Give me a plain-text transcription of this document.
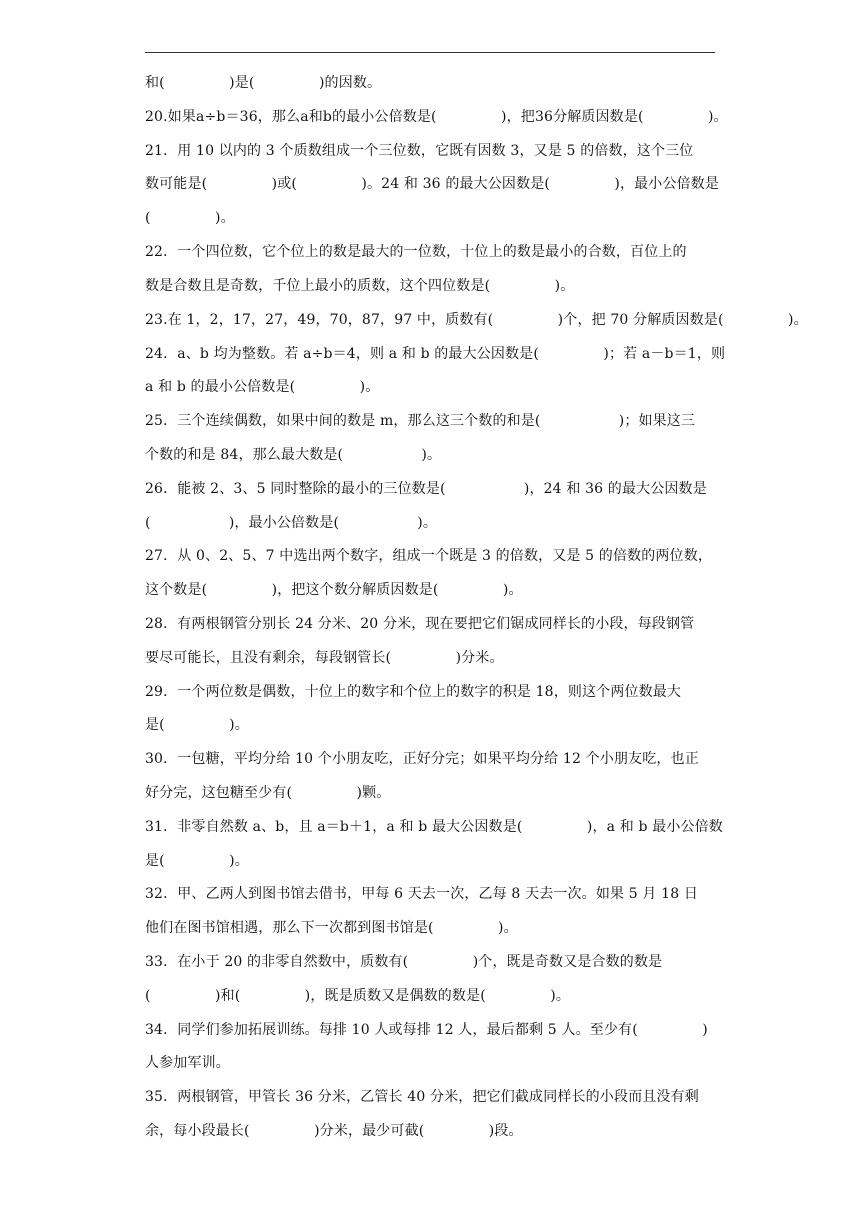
和(              )是(              )的因数。
20.如果a÷b＝36，那么a和b的最小公倍数是(              )，把36分解质因数是(              )。
21．用 10 以内的 3 个质数组成一个三位数，它既有因数 3，又是 5 的倍数，这个三位
数可能是(              )或(              )。24 和 36 的最大公因数是(              )，最小公倍数是
(              )。
22．一个四位数，它个位上的数是最大的一位数，十位上的数是最小的合数，百位上的
数是合数且是奇数，千位上最小的质数，这个四位数是(              )。
23.在 1，2，17，27，49，70，87，97 中，质数有(              )个，把 70 分解质因数是(              )。
24．a、b 均为整数。若 a÷b＝4，则 a 和 b 的最大公因数是(              )；若 a－b＝1，则
a 和 b 的最小公倍数是(              )。
25．三个连续偶数，如果中间的数是 m，那么这三个数的和是(                 )；如果这三
个数的和是 84，那么最大数是(                 )。
26．能被 2、3、5 同时整除的最小的三位数是(                 )，24 和 36 的最大公因数是
(                 )，最小公倍数是(                 )。
27．从 0、2、5、7 中选出两个数字，组成一个既是 3 的倍数，又是 5 的倍数的两位数，
这个数是(              )，把这个数分解质因数是(              )。
28．有两根钢管分别长 24 分米、20 分米，现在要把它们锯成同样长的小段，每段钢管
要尽可能长，且没有剩余，每段钢管长(              )分米。
29．一个两位数是偶数，十位上的数字和个位上的数字的积是 18，则这个两位数最大
是(              )。
30．一包糖，平均分给 10 个小朋友吃，正好分完；如果平均分给 12 个小朋友吃，也正
好分完，这包糖至少有(              )颗。
31．非零自然数 a、b，且 a＝b＋1，a 和 b 最大公因数是(              )，a 和 b 最小公倍数
是(              )。
32．甲、乙两人到图书馆去借书，甲每 6 天去一次，乙每 8 天去一次。如果 5 月 18 日
他们在图书馆相遇，那么下一次都到图书馆是(              )。
33．在小于 20 的非零自然数中，质数有(              )个，既是奇数又是合数的数是
(              )和(              )，既是质数又是偶数的数是(              )。
34．同学们参加拓展训练。每排 10 人或每排 12 人，最后都剩 5 人。至少有(              )
人参加军训。
35．两根钢管，甲管长 36 分米，乙管长 40 分米，把它们截成同样长的小段而且没有剩
余，每小段最长(              )分米，最少可截(              )段。
